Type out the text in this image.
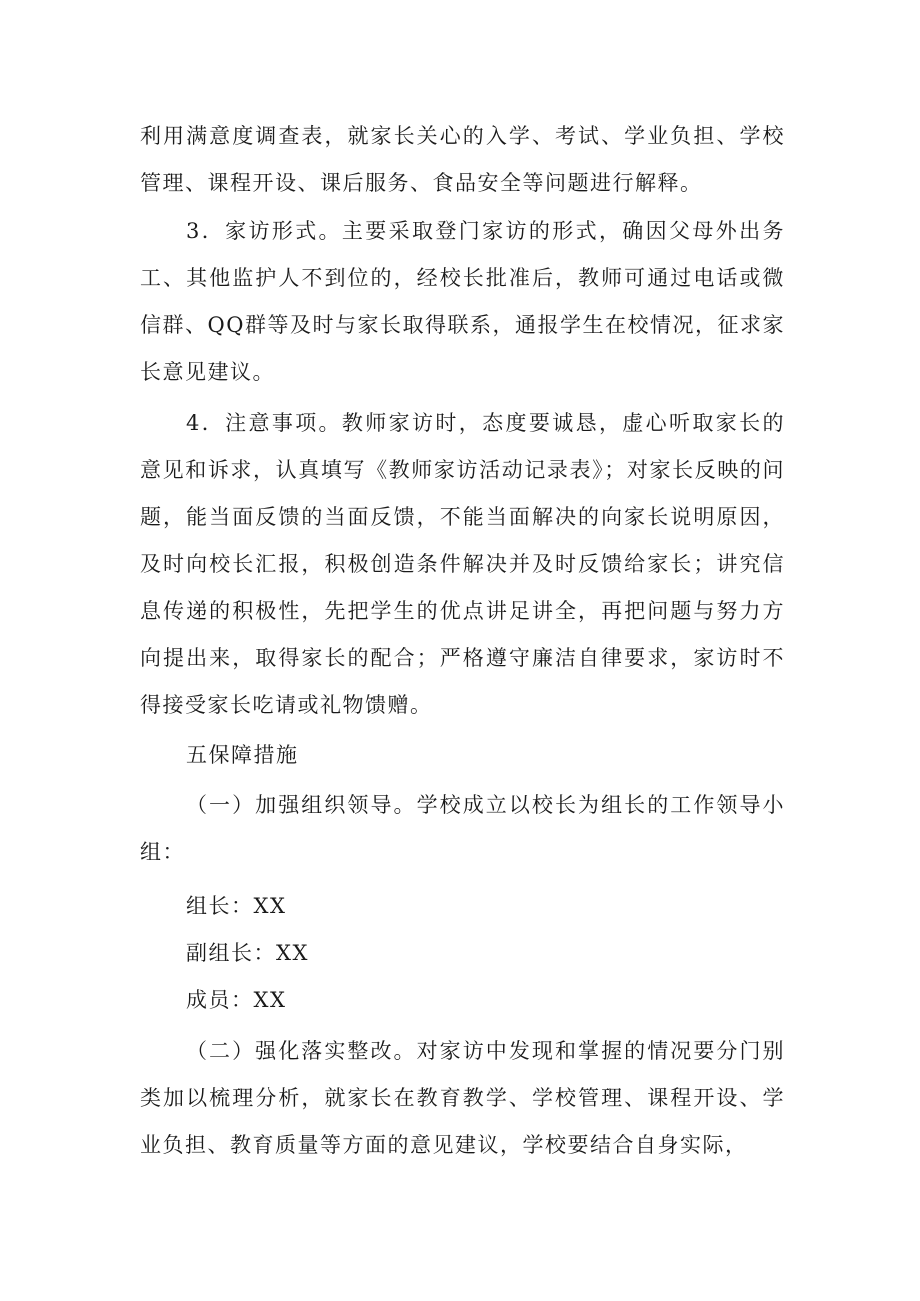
利用满意度调查表，就家长关心的入学、考试、学业负担、学校管理、课程开设、课后服务、食品安全等问题进行解释。

3．家访形式。主要采取登门家访的形式，确因父母外出务工、其他监护人不到位的，经校长批准后，教师可通过电话或微信群、QQ群等及时与家长取得联系，通报学生在校情况，征求家长意见建议。

4．注意事项。教师家访时，态度要诚恳，虚心听取家长的意见和诉求，认真填写《教师家访活动记录表》；对家长反映的问题，能当面反馈的当面反馈，不能当面解决的向家长说明原因，及时向校长汇报，积极创造条件解决并及时反馈给家长；讲究信息传递的积极性，先把学生的优点讲足讲全，再把问题与努力方向提出来，取得家长的配合；严格遵守廉洁自律要求，家访时不得接受家长吃请或礼物馈赠。

五保障措施

（一）加强组织领导。学校成立以校长为组长的工作领导小组：

组长：XX

副组长：XX

成员：XX

（二）强化落实整改。对家访中发现和掌握的情况要分门别类加以梳理分析，就家长在教育教学、学校管理、课程开设、学业负担、教育质量等方面的意见建议，学校要结合自身实际，
